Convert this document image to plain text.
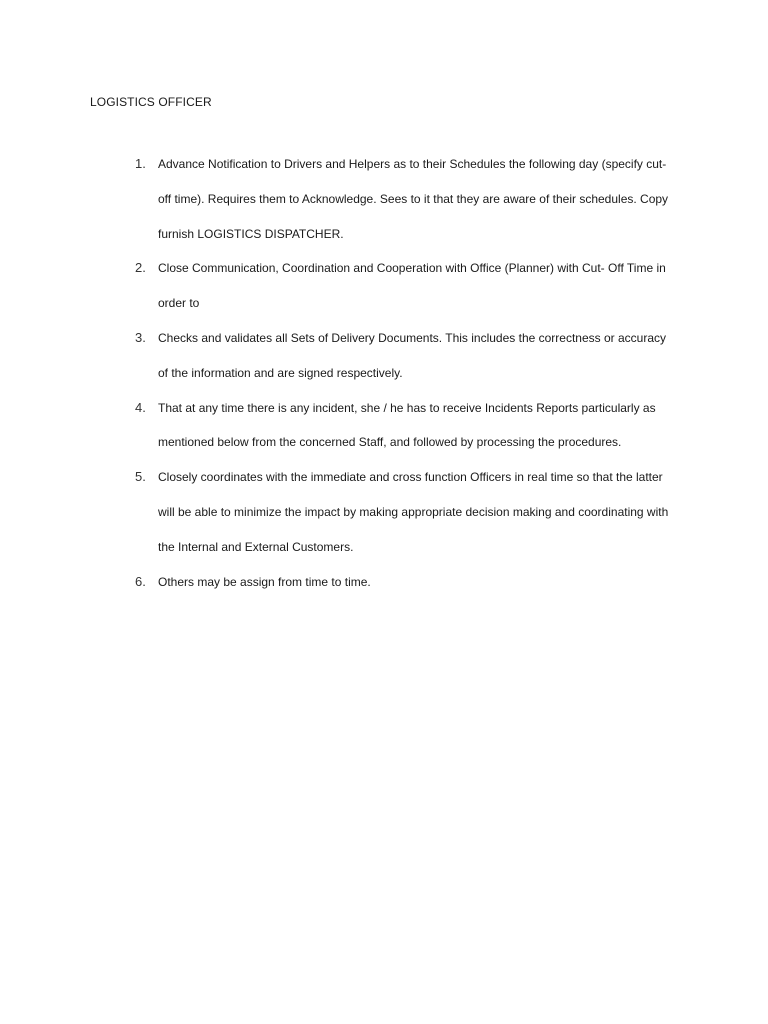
LOGISTICS OFFICER
1. Advance Notification to Drivers and Helpers as to their Schedules the following day (specify cut-off time). Requires them to Acknowledge. Sees to it that they are aware of their schedules. Copy furnish LOGISTICS DISPATCHER.
2. Close Communication, Coordination and Cooperation with Office (Planner) with Cut- Off Time in order to
3. Checks and validates all Sets of Delivery Documents. This includes the correctness or accuracy of the information and are signed respectively.
4. That at any time there is any incident, she / he has to receive Incidents Reports particularly as mentioned below from the concerned Staff, and followed by processing the procedures.
5. Closely coordinates with the immediate and cross function Officers in real time so that the latter will be able to minimize the impact by making appropriate decision making and coordinating with the Internal and External Customers.
6. Others may be assign from time to time.
